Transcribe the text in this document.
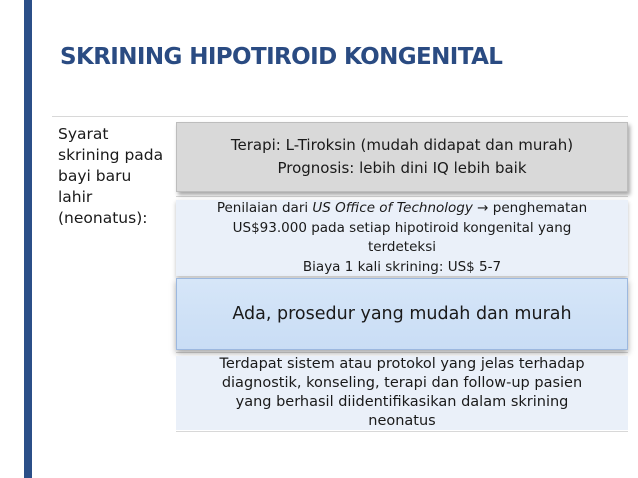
SKRINING HIPOTIROID KONGENITAL
Syarat skrining pada bayi baru lahir (neonatus):
Terapi: L-Tiroksin (mudah didapat dan murah)
Prognosis: lebih dini IQ lebih baik
Penilaian dari US Office of Technology → penghematan
US$93.000 pada setiap hipotiroid kongenital yang
terdeteksi
Biaya 1 kali skrining: US$ 5-7
Ada, prosedur yang mudah dan murah
Terdapat sistem atau protokol yang jelas terhadap
diagnostik, konseling, terapi dan follow-up pasien
yang berhasil diidentifikasikan dalam skrining
neonatus
